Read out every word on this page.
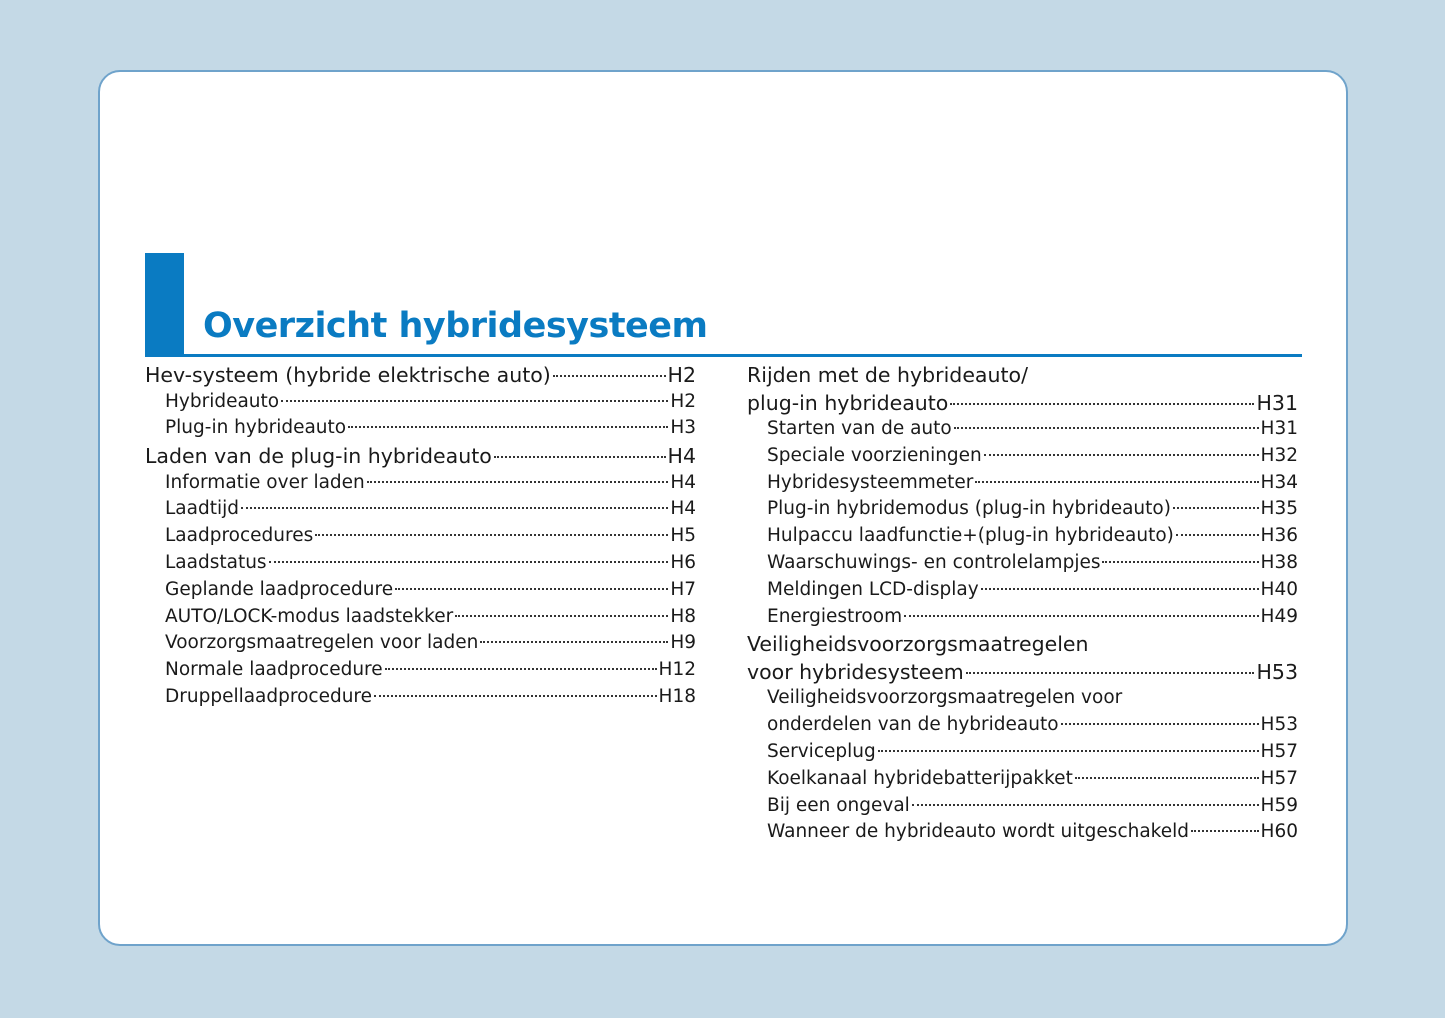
Overzicht hybridesysteem
Hev-systeem (hybride elektrische auto)	H2
Hybrideauto	H2
Plug-in hybrideauto	H3
Laden van de plug-in hybrideauto	H4
Informatie over laden	H4
Laadtijd	H4
Laadprocedures	H5
Laadstatus	H6
Geplande laadprocedure	H7
AUTO/LOCK-modus laadstekker	H8
Voorzorgsmaatregelen voor laden	H9
Normale laadprocedure	H12
Druppellaadprocedure	H18
Rijden met de hybrideauto/
plug-in hybrideauto	H31
Starten van de auto	H31
Speciale voorzieningen	H32
Hybridesysteemmeter	H34
Plug-in hybridemodus (plug-in hybrideauto)	H35
Hulpaccu laadfunctie+(plug-in hybrideauto)	H36
Waarschuwings- en controlelampjes	H38
Meldingen LCD-display	H40
Energiestroom	H49
Veiligheidsvoorzorgsmaatregelen
voor hybridesysteem	H53
Veiligheidsvoorzorgsmaatregelen voor
onderdelen van de hybrideauto	H53
Serviceplug	H57
Koelkanaal hybridebatterijpakket	H57
Bij een ongeval	H59
Wanneer de hybrideauto wordt uitgeschakeld	H60
